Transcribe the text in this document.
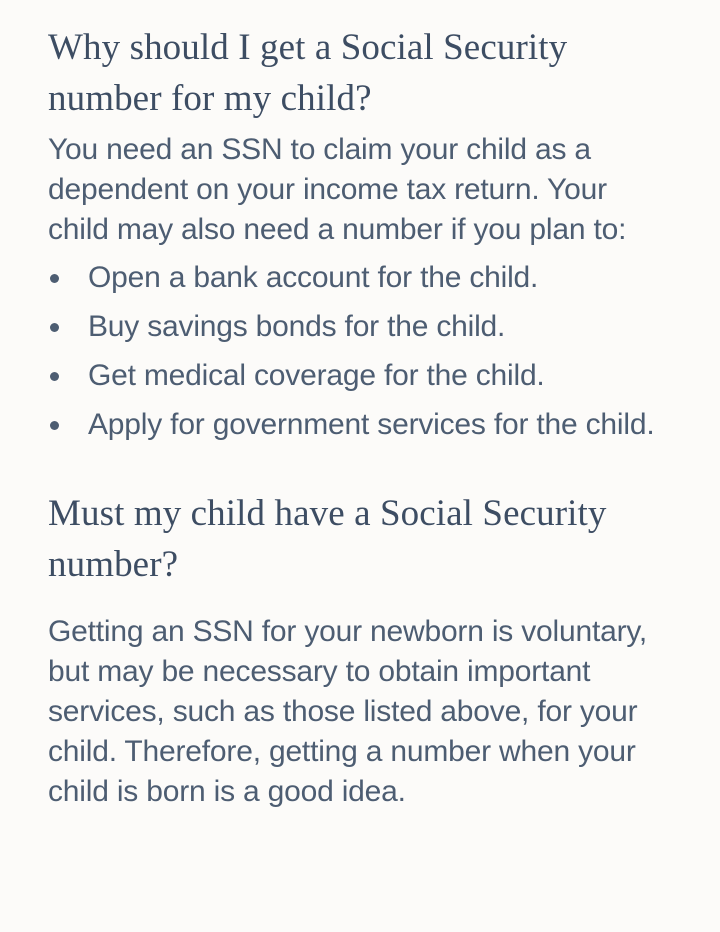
Why should I get a Social Security number for my child?

You need an SSN to claim your child as a dependent on your income tax return. Your child may also need a number if you plan to:

Open a bank account for the child.
Buy savings bonds for the child.
Get medical coverage for the child.
Apply for government services for the child.
Must my child have a Social Security number?

Getting an SSN for your newborn is voluntary, but may be necessary to obtain important services, such as those listed above, for your child. Therefore, getting a number when your child is born is a good idea.
